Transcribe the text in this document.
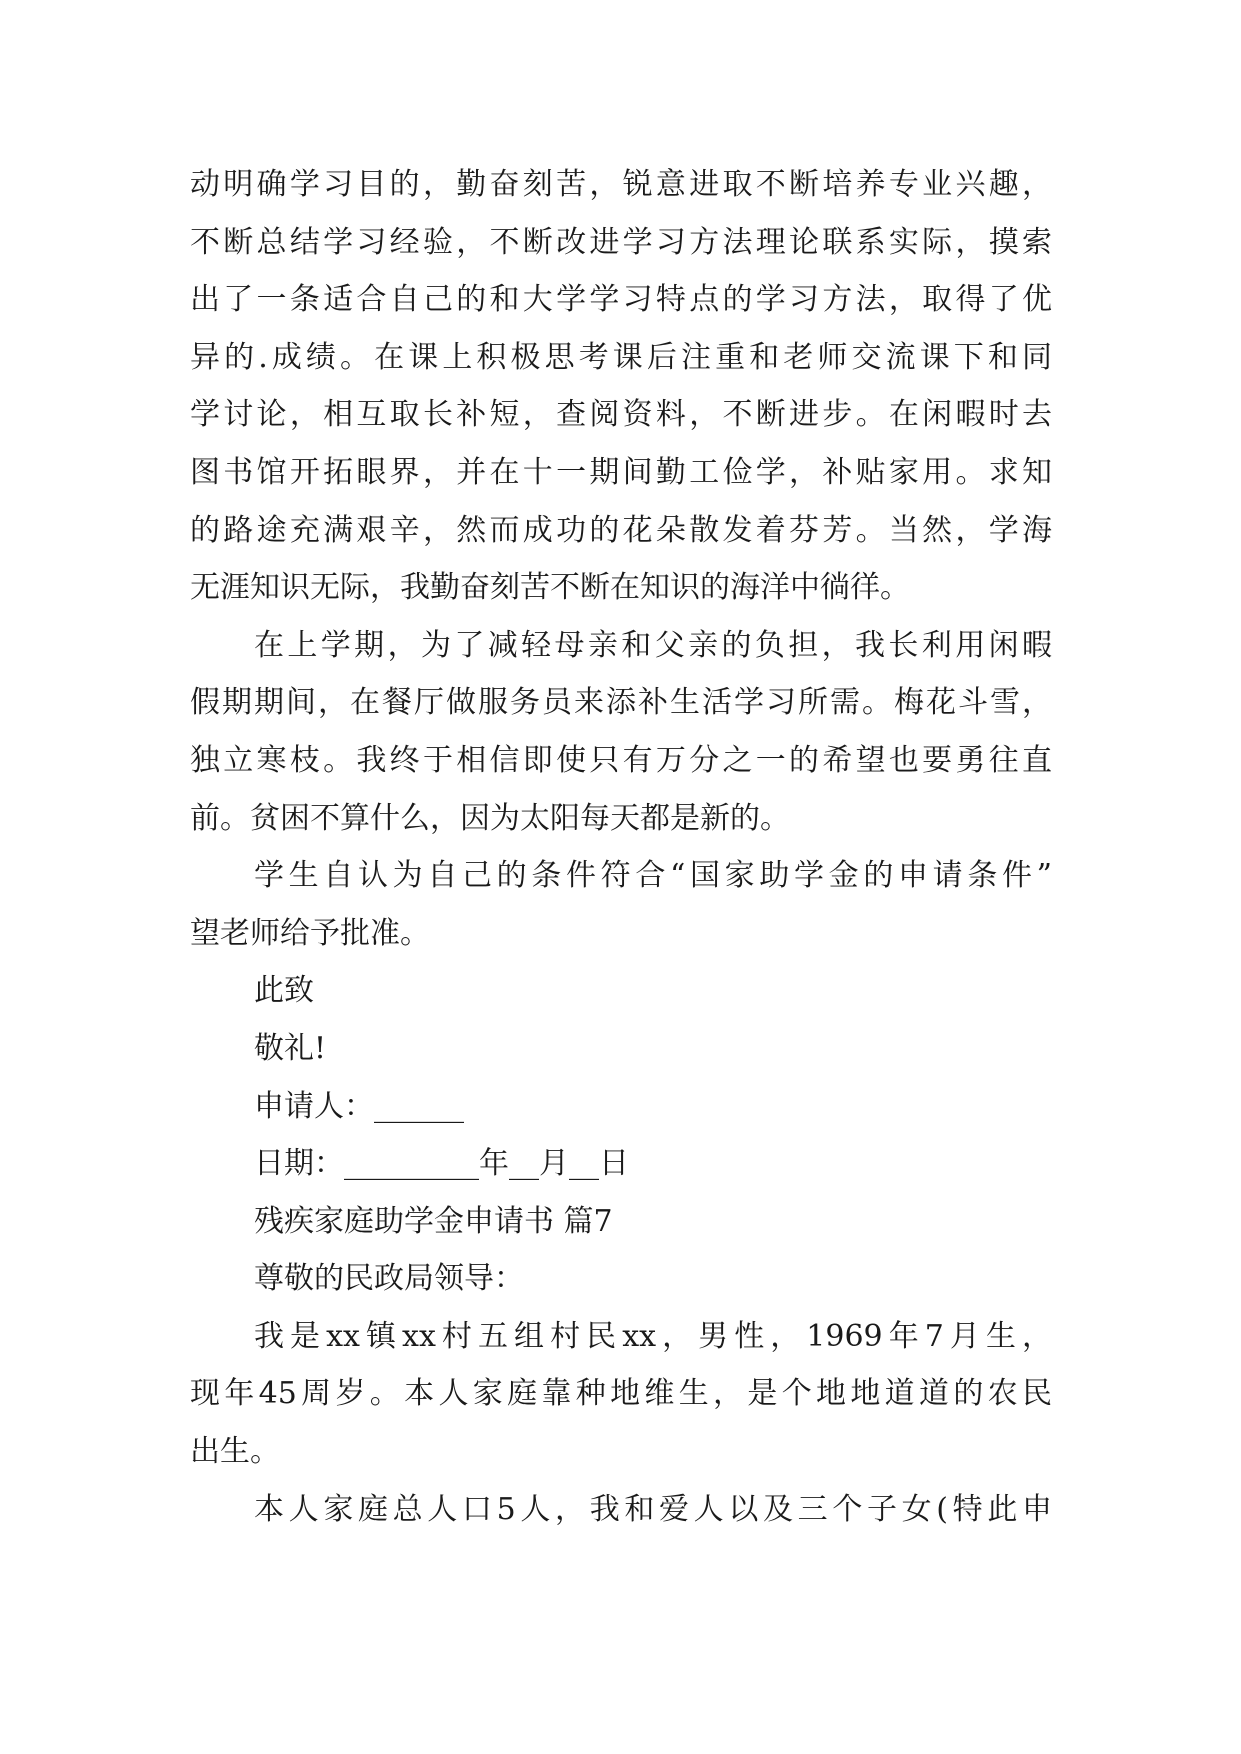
动明确学习目的，勤奋刻苦，锐意进取不断培养专业兴趣，
不断总结学习经验，不断改进学习方法理论联系实际，摸索
出了一条适合自己的和大学学习特点的学习方法，取得了优
异的.成绩。在课上积极思考课后注重和老师交流课下和同
学讨论，相互取长补短，查阅资料，不断进步。在闲暇时去
图书馆开拓眼界，并在十一期间勤工俭学，补贴家用。求知
的路途充满艰辛，然而成功的花朵散发着芬芳。当然，学海
无涯知识无际，我勤奋刻苦不断在知识的海洋中徜徉。
在上学期，为了减轻母亲和父亲的负担，我长利用闲暇
假期期间，在餐厅做服务员来添补生活学习所需。梅花斗雪，
独立寒枝。我终于相信即使只有万分之一的希望也要勇往直
前。贫困不算什么，因为太阳每天都是新的。
学生自认为自己的条件符合“国家助学金的申请条件”
望老师给予批准。
此致
敬礼!
申请人：______
日期：_________年__月__日
残疾家庭助学金申请书 篇7
尊敬的民政局领导：
我是xx镇xx村五组村民xx，男性，1969年7月生，
现年45周岁。本人家庭靠种地维生，是个地地道道的农民
出生。
本人家庭总人口5人，我和爱人以及三个子女(特此申
